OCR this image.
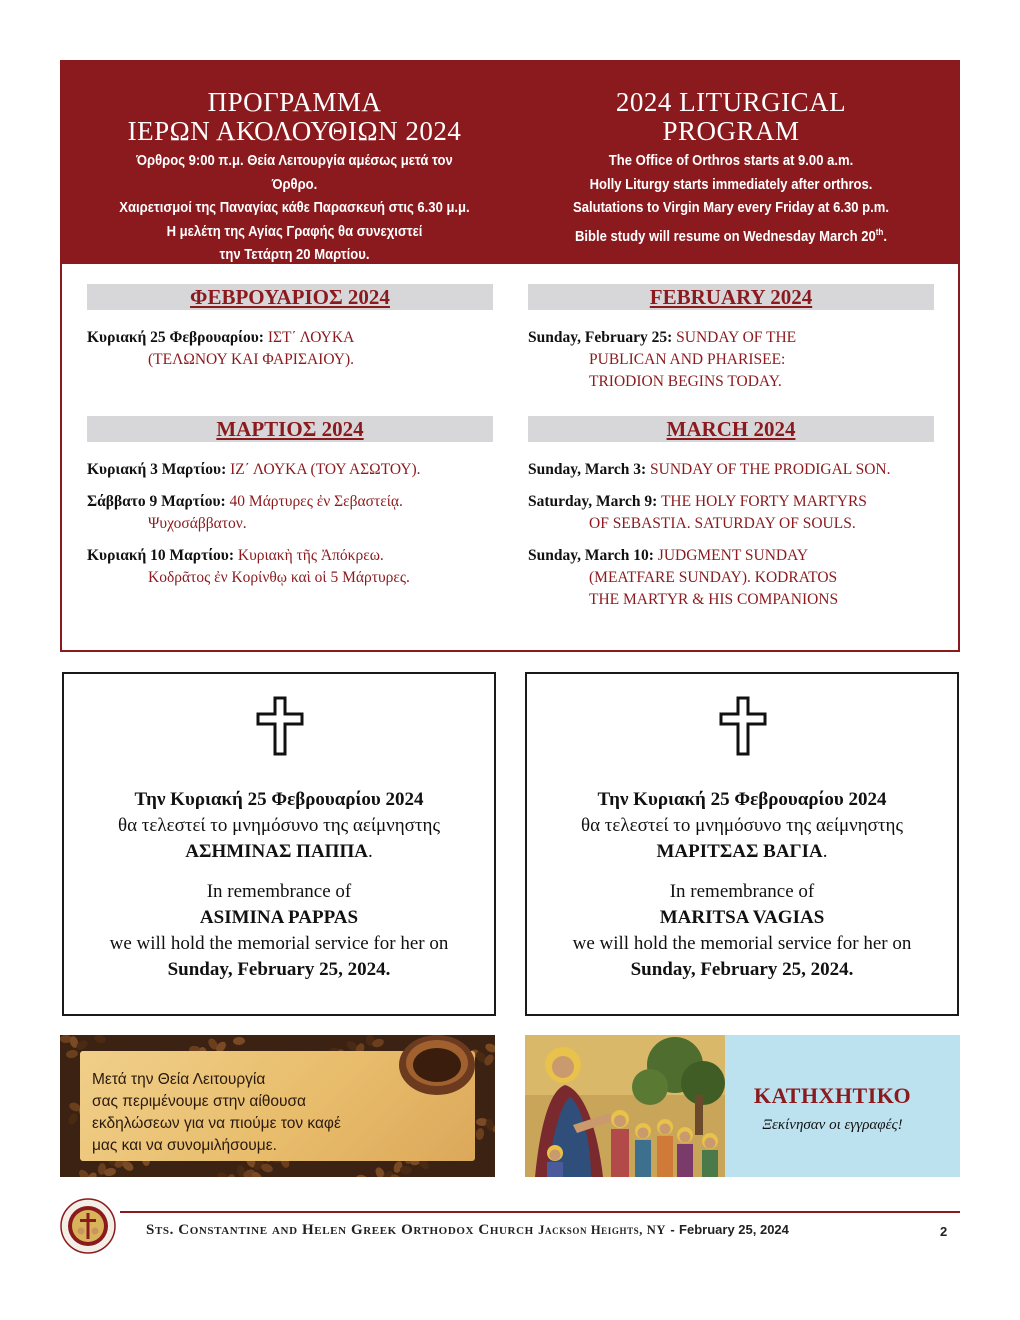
ΠΡΟΓΡΑΜΜΑ
ΙΕΡΩΝ ΑΚΟΛΟΥΘΙΩΝ 2024
Όρθρος 9:00 π.μ. Θεία Λειτουργία αμέσως μετά τον Όρθρο.
Χαιρετισμοί της Παναγίας κάθε Παρασκευή στις 6.30 μ.μ.
Η μελέτη της Αγίας Γραφής θα συνεχιστεί
την Τετάρτη 20 Μαρτίου.
2024 LITURGICAL
PROGRAM
The Office of Orthros starts at 9.00 a.m.
Holly Liturgy starts immediately after orthros.
Salutations to Virgin Mary every Friday at 6.30 p.m.
Bible study will resume on Wednesday March 20th.
ΦΕΒΡΟΥΑΡΙΟΣ 2024	FEBRUARY 2024
Κυριακή 25 Φεβρουαρίου: ΙΣΤ΄ ΛΟΥΚΑ
(ΤΕΛΩΝΟΥ ΚΑΙ ΦΑΡΙΣΑΙΟΥ).
Sunday, February 25: SUNDAY OF THE
PUBLICAN AND PHARISEE:
TRIODION BEGINS TODAY.
ΜΑΡΤΙΟΣ 2024	MARCH 2024
Κυριακή 3 Μαρτίου: ΙΖ΄ ΛΟΥΚΑ (ΤΟΥ ΑΣΩΤΟΥ).
Σάββατο 9 Μαρτίου: 40 Μάρτυρες ἐν Σεβαστείᾳ.
Ψυχοσάββατον.
Κυριακή 10 Μαρτίου: Κυριακὴ τῆς Ἀπόκρεω.
Κοδρᾶτος ἐν Κορίνθῳ καὶ οἱ 5 Μάρτυρες.
Sunday, March 3: SUNDAY OF THE PRODIGAL SON.
Saturday, March 9: THE HOLY FORTY MARTYRS
OF SEBASTIA. SATURDAY OF SOULS.
Sunday, March 10: JUDGMENT SUNDAY
(MEATFARE SUNDAY). KODRATOS
THE MARTYR & HIS COMPANIONS
Την Κυριακή 25 Φεβρουαρίου 2024
θα τελεστεί το μνημόσυνο της αείμνηστης
ΑΣΗΜΙΝΑΣ ΠΑΠΠΑ.
In remembrance of
ASIMINA PAPPAS
we will hold the memorial service for her on
Sunday, February 25, 2024.
Την Κυριακή 25 Φεβρουαρίου 2024
θα τελεστεί το μνημόσυνο της αείμνηστης
ΜΑΡΙΤΣΑΣ ΒΑΓΙΑ.
In remembrance of
MARITSA VAGIAS
we will hold the memorial service for her on
Sunday, February 25, 2024.
Μετά την Θεία Λειτουργία
σας περιμένουμε στην αίθουσα
εκδηλώσεων για να πιούμε τον καφέ
μας και να συνομιλήσουμε.
ΚΑΤΗΧΗΤΙΚΟ
Ξεκίνησαν οι εγγραφές!
Sts. Constantine and Helen Greek Orthodox Church Jackson Heights, NY - February 25, 2024	2
